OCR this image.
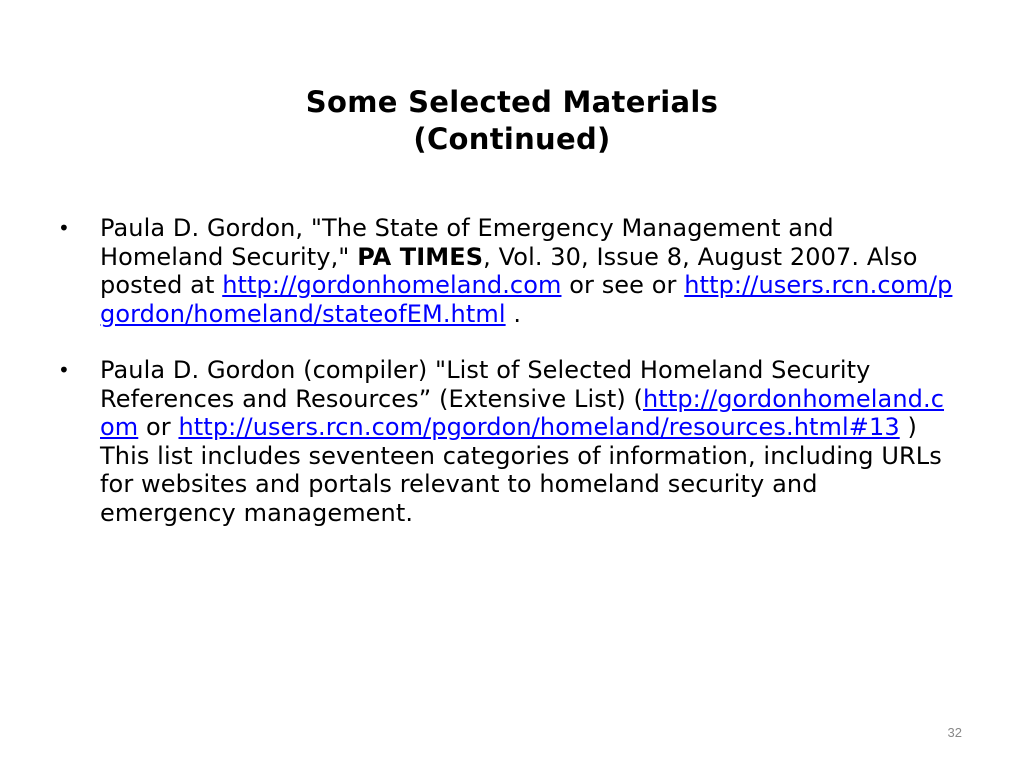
Some Selected Materials
(Continued)
•	Paula D. Gordon, "The State of Emergency Management and Homeland Security," PA TIMES, Vol. 30, Issue 8, August 2007. Also posted at http://gordonhomeland.com or see or http://users.rcn.com/pgordon/homeland/stateofEM.html .
•	Paula D. Gordon (compiler) "List of Selected Homeland Security References and Resources” (Extensive List) (http://gordonhomeland.com or http://users.rcn.com/pgordon/homeland/resources.html#13 ) This list includes seventeen categories of information, including URLs for websites and portals relevant to homeland security and emergency management.
32
